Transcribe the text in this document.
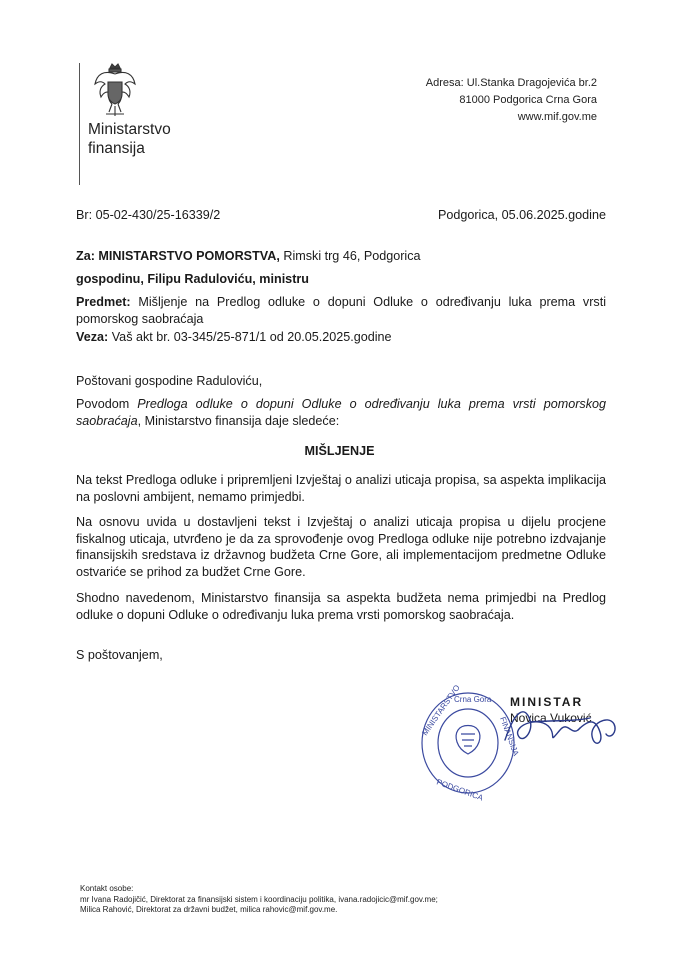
Ministarstvo
finansija
Adresa: Ul.Stanka Dragojevića br.2
81000 Podgorica Crna Gora
www.mif.gov.me
Br: 05-02-430/25-16339/2	Podgorica, 05.06.2025.godine
Za: MINISTARSTVO POMORSTVA, Rimski trg 46, Podgorica
gospodinu, Filipu Raduloviću, ministru
Predmet: Mišljenje na Predlog odluke o dopuni Odluke o određivanju luka prema vrsti pomorskog saobraćaja
Veza: Vaš akt br. 03-345/25-871/1 od 20.05.2025.godine
Poštovani gospodine Raduloviću,
Povodom Predloga odluke o dopuni Odluke o određivanju luka prema vrsti pomorskog saobraćaja, Ministarstvo finansija daje sledeće:
MIŠLJENJE
Na tekst Predloga odluke i pripremljeni Izvještaj o analizi uticaja propisa, sa aspekta implikacija na poslovni ambijent, nemamo primjedbi.
Na osnovu uvida u dostavljeni tekst i Izvještaj o analizi uticaja propisa u dijelu procjene fiskalnog uticaja, utvrđeno je da za sprovođenje ovog Predloga odluke nije potrebno izdvajanje finansijskih sredstava iz državnog budžeta Crne Gore, ali implementacijom predmetne Odluke ostvariće se prihod za budžet Crne Gore.
Shodno navedenom, Ministarstvo finansija sa aspekta budžeta nema primjedbi na Predlog odluke o dopuni Odluke o određivanju luka prema vrsti pomorskog saobraćaja.
S poštovanjem,
MINISTAR
Novica Vuković
Crna Gora
MINISTARSTVO	FINANSIJA
PODGORICA
Kontakt osobe:
mr Ivana Radojičić, Direktorat za finansijski sistem i koordinaciju politika, ivana.radojicic@mif.gov.me;
Milica Rahović, Direktorat za državni budžet, milica rahovic@mif.gov.me.
